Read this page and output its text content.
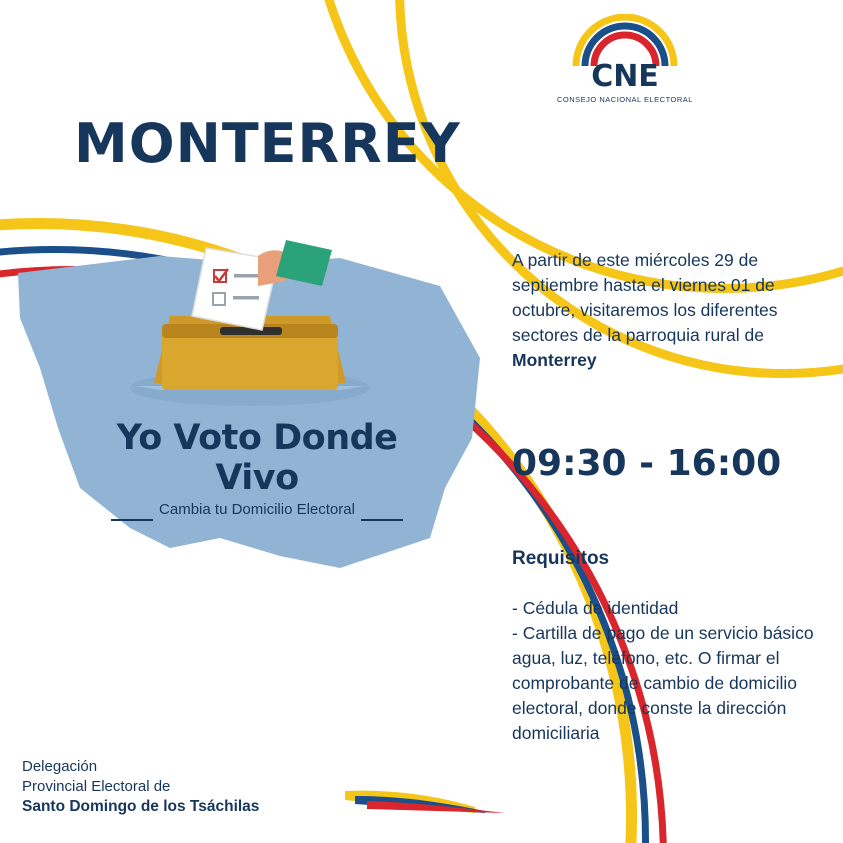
CNE
CONSEJO NACIONAL ELECTORAL
MONTERREY
Yo Voto Donde Vivo
Cambia tu Domicilio Electoral
A partir de este miércoles 29 de septiembre hasta el viernes 01 de octubre, visitaremos los diferentes sectores de la parroquia rural de Monterrey
09:30 - 16:00
Requisitos
- Cédula de identidad
- Cartilla de pago de un servicio básico agua, luz, teléfono, etc. O firmar el comprobante de cambio de domicilio electoral, donde conste la dirección domiciliaria
Delegación
Provincial Electoral de
Santo Domingo de los Tsáchilas
